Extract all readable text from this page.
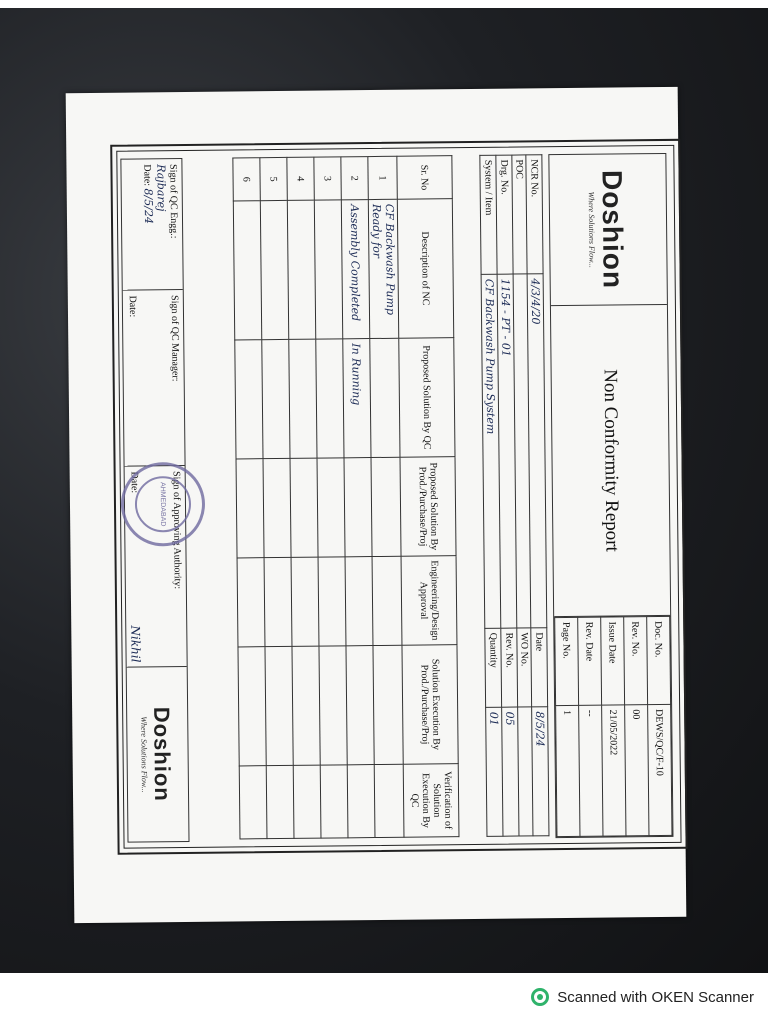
Doshion
Where Solutions Flow...
Non Conformity Report
Doc. No.	DEWS/QC/F-10
Rev. No.	00
Issue Date	21/05/2022
Rev. Date	--
Page No.	1
NCR No.	4/3/4/20	Date	8/5/24
POC		WO No.	
Drg. No.	1154 - PT - 01	Rev. No.	05
System / Item	CF Backwash Pump System	Quantity	01
Sr. No	Description of NC	Proposed Solution By QC	Proposed Solution By Prod./Purchase/Proj	Engineering/Design Approval	Solution Execution By Prod./Purchase/Proj	Verification of Solution Execution By QC
1	CF Backwash Pump Ready for					
2	Assembly Completed	In Running				
3						
4						
5						
6						
Sign of QC Engg.:
Rajbarej
Date: 8/5/24
Sign of QC Manager:
Date:
Sign of Approving Authority:
Date:
Nikhil
AHMEDABAD
Doshion
Where Solutions Flow...
Scanned with OKEN Scanner
